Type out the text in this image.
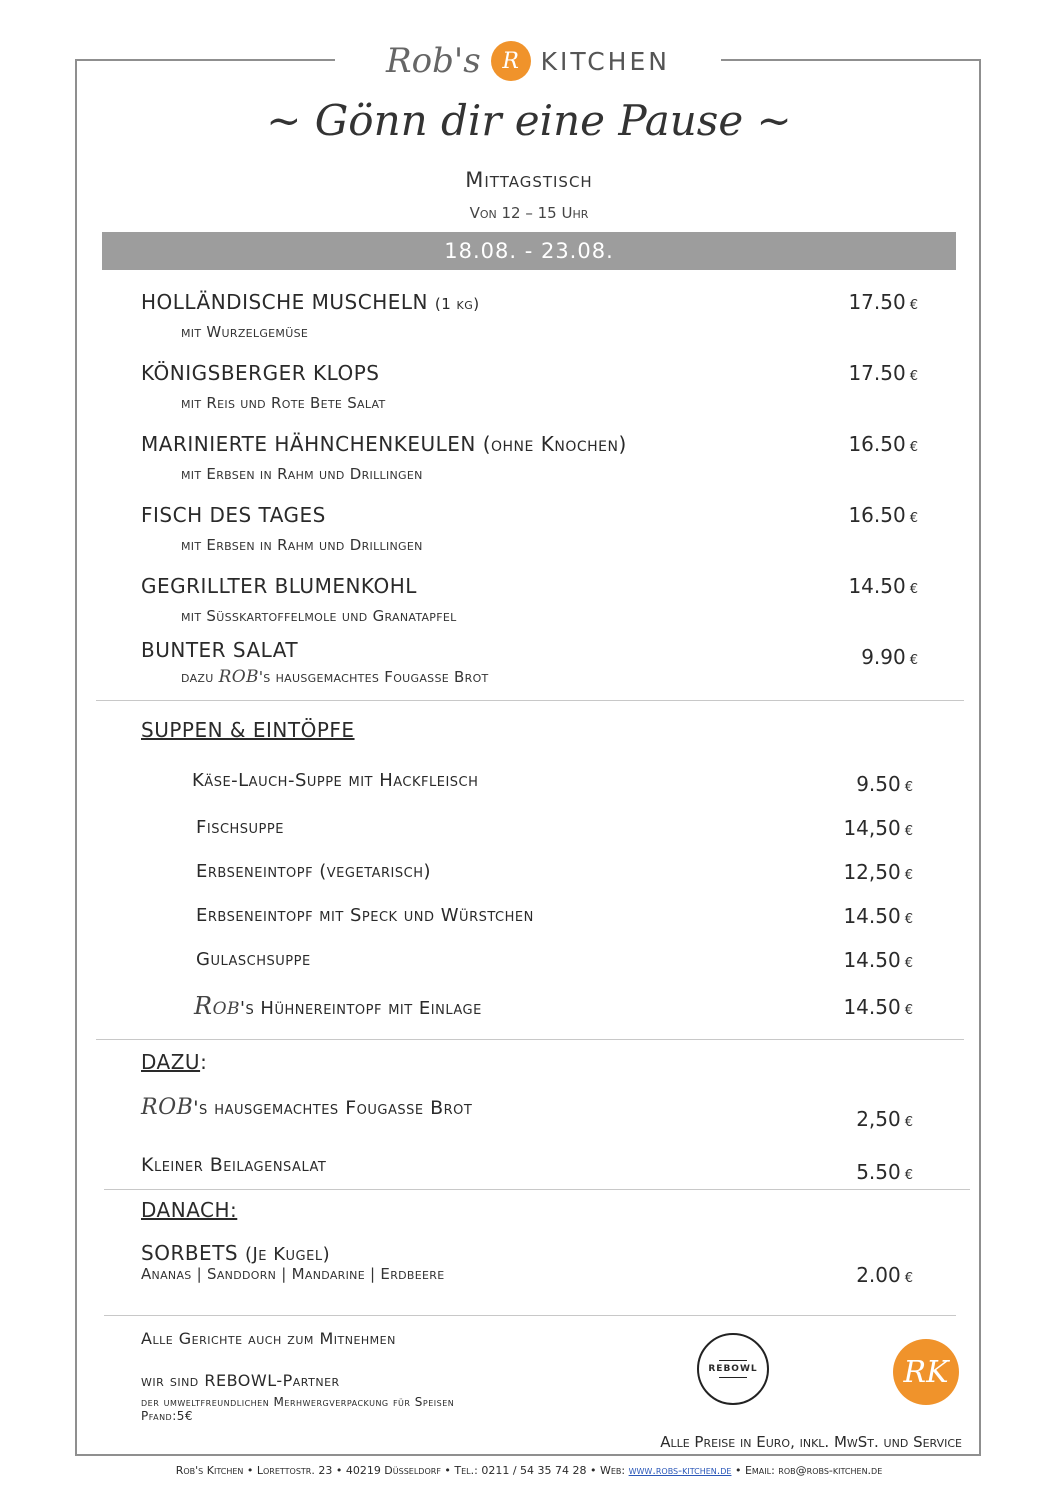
Rob's R KITCHEN
~ Gönn dir eine Pause ~
Mittagstisch
Von 12 – 15 Uhr
18.08. - 23.08.
HOLLÄNDISCHE MUSCHELN (1 kg)
mit Wurzelgemüse
17.50 €
KÖNIGSBERGER KLOPS
mit Reis und Rote Bete Salat
17.50 €
MARINIERTE HÄHNCHENKEULEN (ohne Knochen)
mit Erbsen in Rahm und Drillingen
16.50 €
FISCH DES TAGES
mit Erbsen in Rahm und Drillingen
16.50 €
GEGRILLTER BLUMENKOHL
mit Süsskartoffelmole und Granatapfel
14.50 €
BUNTER SALAT
dazu ROB's hausgemachtes Fougasse Brot
9.90 €
SUPPEN & EINTÖPFE
Käse-Lauch-Suppe mit Hackfleisch	9.50 €
Fischsuppe	14,50 €
Erbseneintopf (vegetarisch)	12,50 €
Erbseneintopf mit Speck und Würstchen	14.50 €
Gulaschsuppe	14.50 €
Rob's Hühnereintopf mit Einlage	14.50 €
DAZU:
ROB's hausgemachtes Fougasse Brot	2,50 €
Kleiner Beilagensalat	5.50 €
DANACH:
SORBETS (Je Kugel)
Ananas | Sanddorn | Mandarine | Erdbeere	2.00 €
Alle Gerichte auch zum Mitnehmen
wir sind REBOWL-Partner
der umweltfreundlichen Merhwergverpackung für Speisen
Pfand:5€
REBOWL	RK
Alle Preise in Euro, inkl. MwSt. und Service
Rob's Kitchen • Lorettostr. 23 • 40219 Düsseldorf • Tel.: 0211 / 54 35 74 28 • Web: www.robs-kitchen.de • Email: rob@robs-kitchen.de
